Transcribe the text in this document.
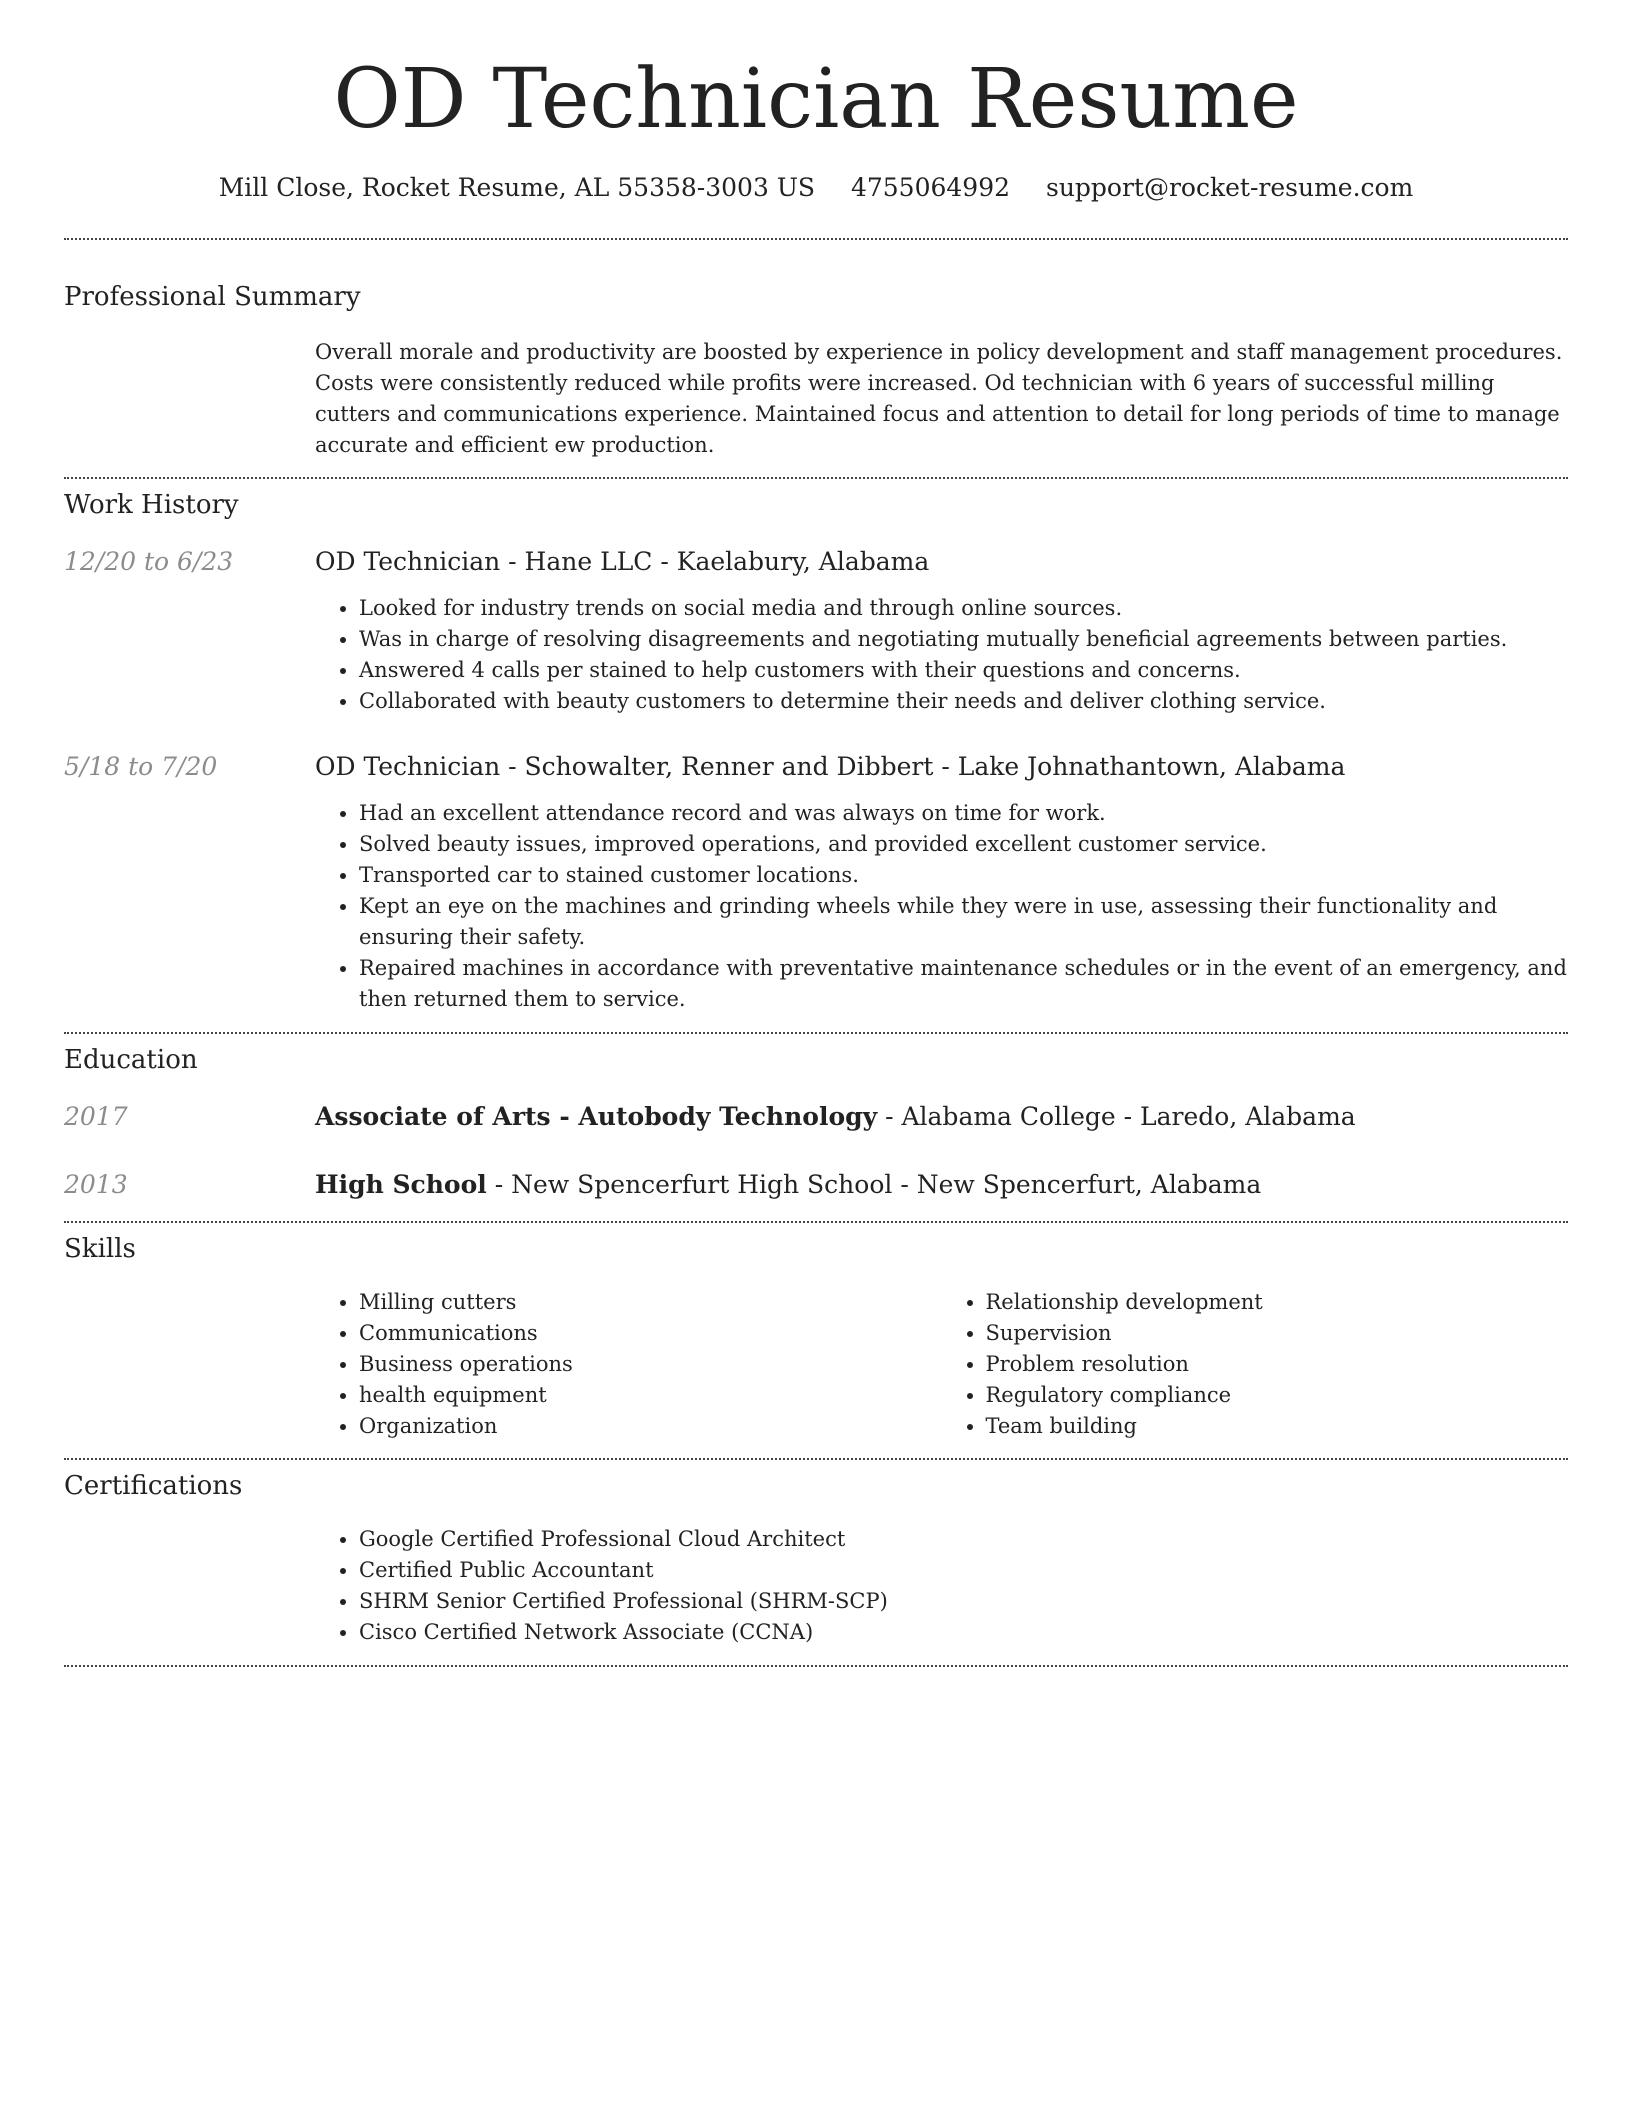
OD Technician Resume
Mill Close, Rocket Resume, AL 55358-3003 US 4755064992 support@rocket-resume.com
Professional Summary

Overall morale and productivity are boosted by experience in policy development and staff management procedures. Costs were consistently reduced while profits were increased. Od technician with 6 years of successful milling cutters and communications experience. Maintained focus and attention to detail for long periods of time to manage accurate and efficient ew production.

Work History
12/20 to 6/23	OD Technician - Hane LLC - Kaelabury, Alabama

• Looked for industry trends on social media and through online sources.
• Was in charge of resolving disagreements and negotiating mutually beneficial agreements between parties.
• Answered 4 calls per stained to help customers with their questions and concerns.
• Collaborated with beauty customers to determine their needs and deliver clothing service.
5/18 to 7/20	OD Technician - Schowalter, Renner and Dibbert - Lake Johnathantown, Alabama

• Had an excellent attendance record and was always on time for work.
• Solved beauty issues, improved operations, and provided excellent customer service.
• Transported car to stained customer locations.
• Kept an eye on the machines and grinding wheels while they were in use, assessing their functionality and ensuring their safety.
• Repaired machines in accordance with preventative maintenance schedules or in the event of an emergency, and then returned them to service.
Education
2017	Associate of Arts - Autobody Technology - Alabama College - Laredo, Alabama
2013	High School - New Spencerfurt High School - New Spencerfurt, Alabama
Skills
• Milling cutters
• Communications
• Business operations
• health equipment
• Organization
• Relationship development
• Supervision
• Problem resolution
• Regulatory compliance
• Team building
Certifications
• Google Certified Professional Cloud Architect
• Certified Public Accountant
• SHRM Senior Certified Professional (SHRM-SCP)
• Cisco Certified Network Associate (CCNA)
